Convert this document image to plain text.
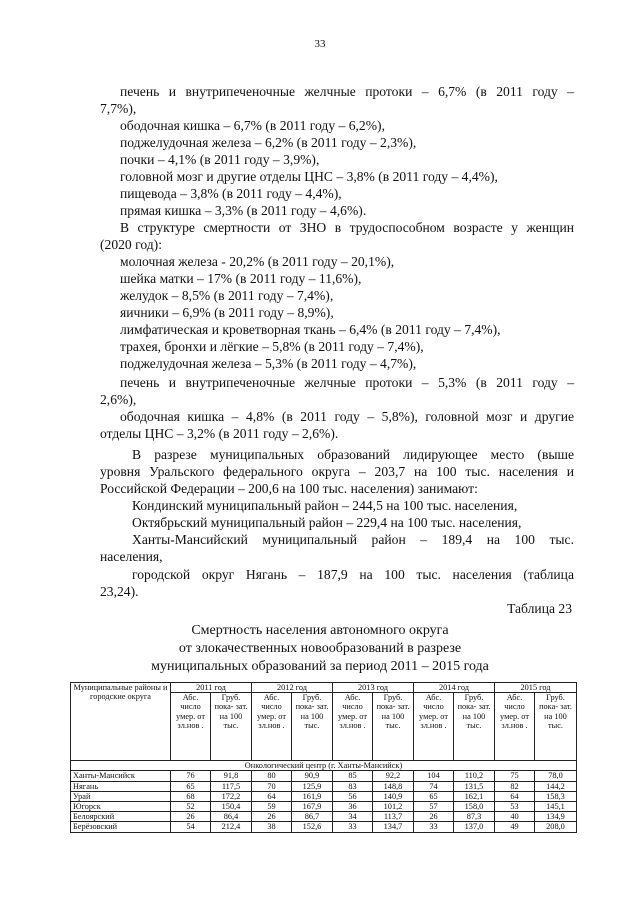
33
печень и внутрипеченочные желчные протоки – 6,7% (в 2011 году –
7,7%),
ободочная кишка – 6,7% (в 2011 году – 6,2%),
поджелудочная железа – 6,2% (в 2011 году – 2,3%),
почки – 4,1% (в 2011 году – 3,9%),
головной мозг и другие отделы ЦНС – 3,8% (в 2011 году – 4,4%),
пищевода – 3,8% (в 2011 году – 4,4%),
прямая кишка – 3,3% (в 2011 году – 4,6%).
В структуре смертности от ЗНО в трудоспособном возрасте у женщин
(2020 год):
молочная железа - 20,2% (в 2011 году – 20,1%),
шейка матки – 17% (в 2011 году – 11,6%),
желудок – 8,5% (в 2011 году – 7,4%),
яичники – 6,9% (в 2011 году – 8,9%),
лимфатическая и кроветворная ткань – 6,4% (в 2011 году – 7,4%),
трахея, бронхи и лёгкие – 5,8% (в 2011 году – 7,4%),
поджелудочная железа – 5,3% (в 2011 году – 4,7%),
печень и внутрипеченочные желчные протоки – 5,3% (в 2011 году –
2,6%),
ободочная кишка – 4,8% (в 2011 году – 5,8%), головной мозг и другие
отделы ЦНС – 3,2% (в 2011 году – 2,6%).
В разрезе муниципальных образований лидирующее место (выше
уровня Уральского федерального округа – 203,7 на 100 тыс. населения и
Российской Федерации – 200,6 на 100 тыс. населения) занимают:
Кондинский муниципальный район – 244,5 на 100 тыс. населения,
Октябрьский муниципальный район – 229,4 на 100 тыс. населения,
Ханты-Мансийский муниципальный район – 189,4 на 100 тыс.
населения,
городской округ Нягань – 187,9 на 100 тыс. населения (таблица
23,24).
Таблица 23
Смертность населения автономного округа
от злокачественных новообразований в разрезе
муниципальных образований за период 2011 – 2015 года
Муниципальные районы и городские округа	2011 год		2012 год		2013 год		2014 год		2015 год	
	Абс. число умер. от зл.нов .	Груб. пока- зат. на 100 тыс.	Абс. число умер. от зл.нов .	Груб. пока- зат. на 100 тыс.	Абс. число умер. от зл.нов .	Груб. пока- зат. на 100 тыс.	Абс. число умер. от зл.нов .	Груб. пока- зат. на 100 тыс.	Абс. число умер. от зл.нов .	Груб. пока- зат. на 100 тыс.
Онкологический центр (г. Ханты-Мансийск)										
Ханты-Мансийск	76	91,8	80	90,9	85	92,2	104	110,2	75	78,0
Нягань	65	117,5	70	125,9	83	148,8	74	131,5	82	144,2
Урай	68	172,2	64	161,9	56	140,9	65	162,1	64	158,3
Югорск	52	150,4	59	167,9	36	101,2	57	158,0	53	145,1
Белоярский	26	86,4	26	86,7	34	113,7	26	87,3	40	134,9
Берёзовский	54	212,4	38	152,6	33	134,7	33	137,0	49	208,0
